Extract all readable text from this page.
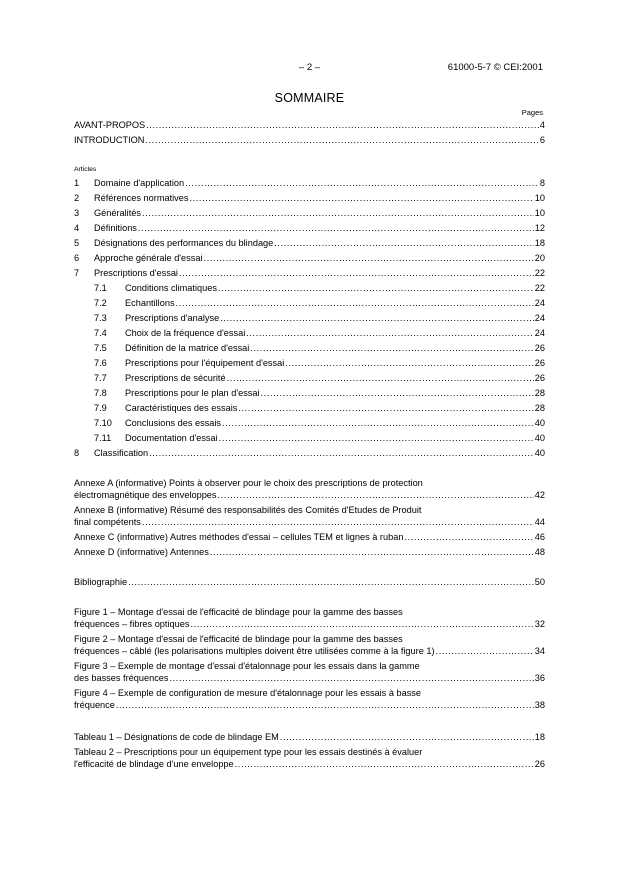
– 2 –	61000-5-7 © CEI:2001
SOMMAIRE
Pages
AVANT-PROPOS .....	4
INTRODUCTION .....	6
Articles
1	Domaine d'application .....	8
2	Références normatives .....	10
3	Généralités .....	10
4	Définitions .....	12
5	Désignations des performances du blindage .....	18
6	Approche générale d'essai .....	20
7	Prescriptions d'essai .....	22
7.1	Conditions climatiques .....	22
7.2	Echantillons .....	24
7.3	Prescriptions d'analyse .....	24
7.4	Choix de la fréquence d'essai .....	24
7.5	Définition de la matrice d'essai .....	26
7.6	Prescriptions pour l'équipement d'essai .....	26
7.7	Prescriptions de sécurité .....	26
7.8	Prescriptions pour le plan d'essai .....	28
7.9	Caractéristiques des essais .....	28
7.10	Conclusions des essais .....	40
7.11	Documentation d'essai .....	40
8	Classification .....	40
Annexe A (informative) Points à observer pour le choix des prescriptions de protection
électromagnétique des enveloppes .....	42
Annexe B (informative) Résumé des responsabilités des Comités d'Etudes de Produit
final compétents .....	44
Annexe C (informative) Autres méthodes d'essai – cellules TEM et lignes à ruban .....	46
Annexe D (informative) Antennes .....	48
Bibliographie .....	50
Figure 1 – Montage d'essai de l'efficacité de blindage pour la gamme des basses
fréquences – fibres optiques .....	32
Figure 2 – Montage d'essai de l'efficacité de blindage pour la gamme des basses
fréquences – câblé (les polarisations multiples doivent être utilisées comme à la figure 1) .....	34
Figure 3 – Exemple de montage d'essai d'étalonnage pour les essais dans la gamme
des basses fréquences .....	36
Figure 4 – Exemple de configuration de mesure d'étalonnage pour les essais à basse
fréquence .....	38
Tableau 1 – Désignations de code de blindage EM .....	18
Tableau 2 – Prescriptions pour un équipement type pour les essais destinés à évaluer
l'efficacité de blindage d'une enveloppe .....	26
